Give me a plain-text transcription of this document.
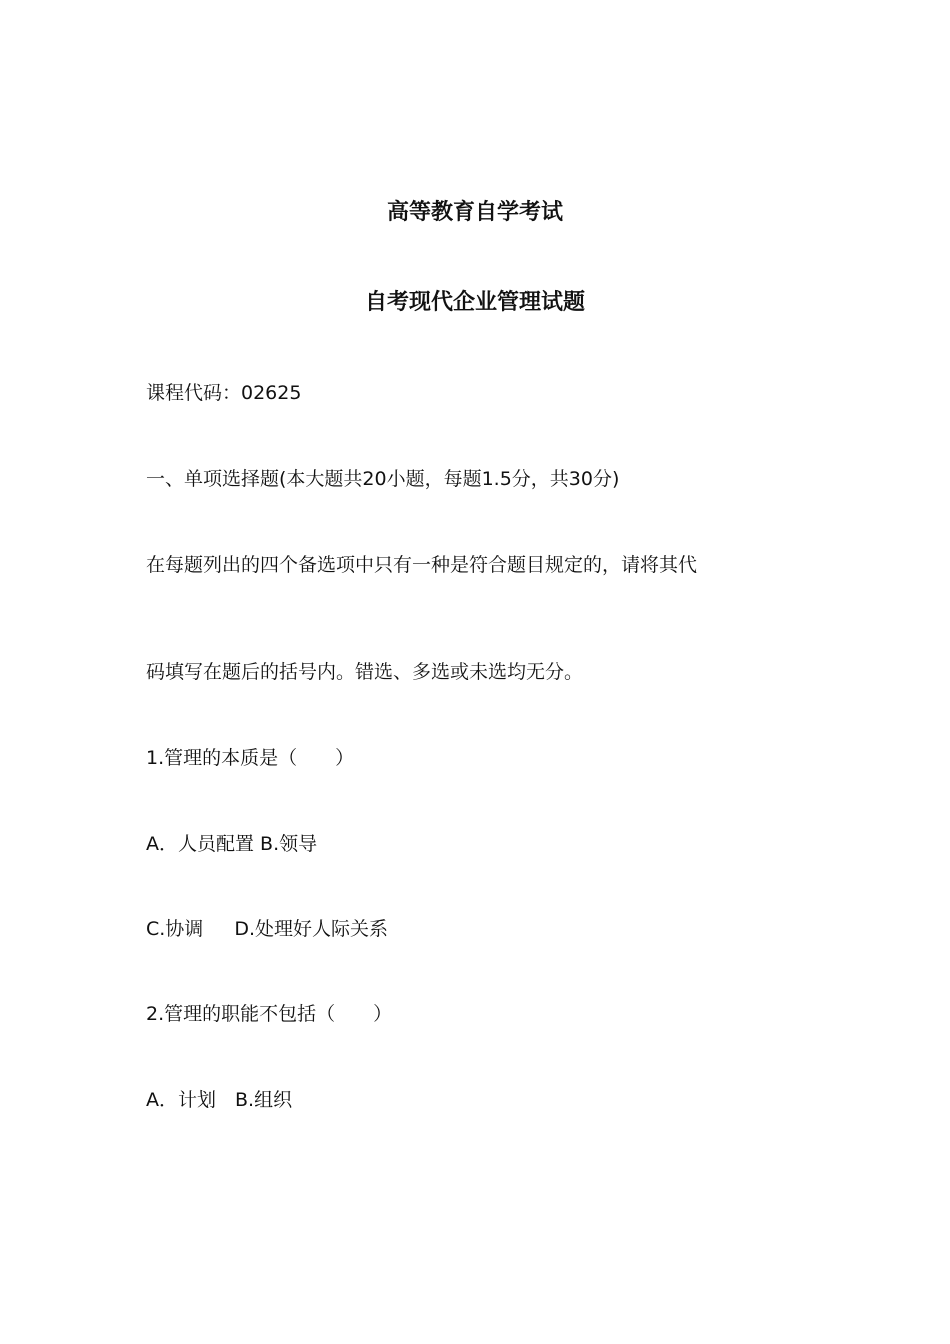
高等教育自学考试
自考现代企业管理试题
课程代码：02625
一、单项选择题(本大题共20小题，每题1.5分，共30分)
在每题列出的四个备选项中只有一种是符合题目规定的，请将其代
码填写在题后的括号内。错选、多选或未选均无分。
1.管理的本质是（　　）
A．人员配置 B.领导
C.协调　  D.处理好人际关系
2.管理的职能不包括（　　）
A．计划　B.组织
